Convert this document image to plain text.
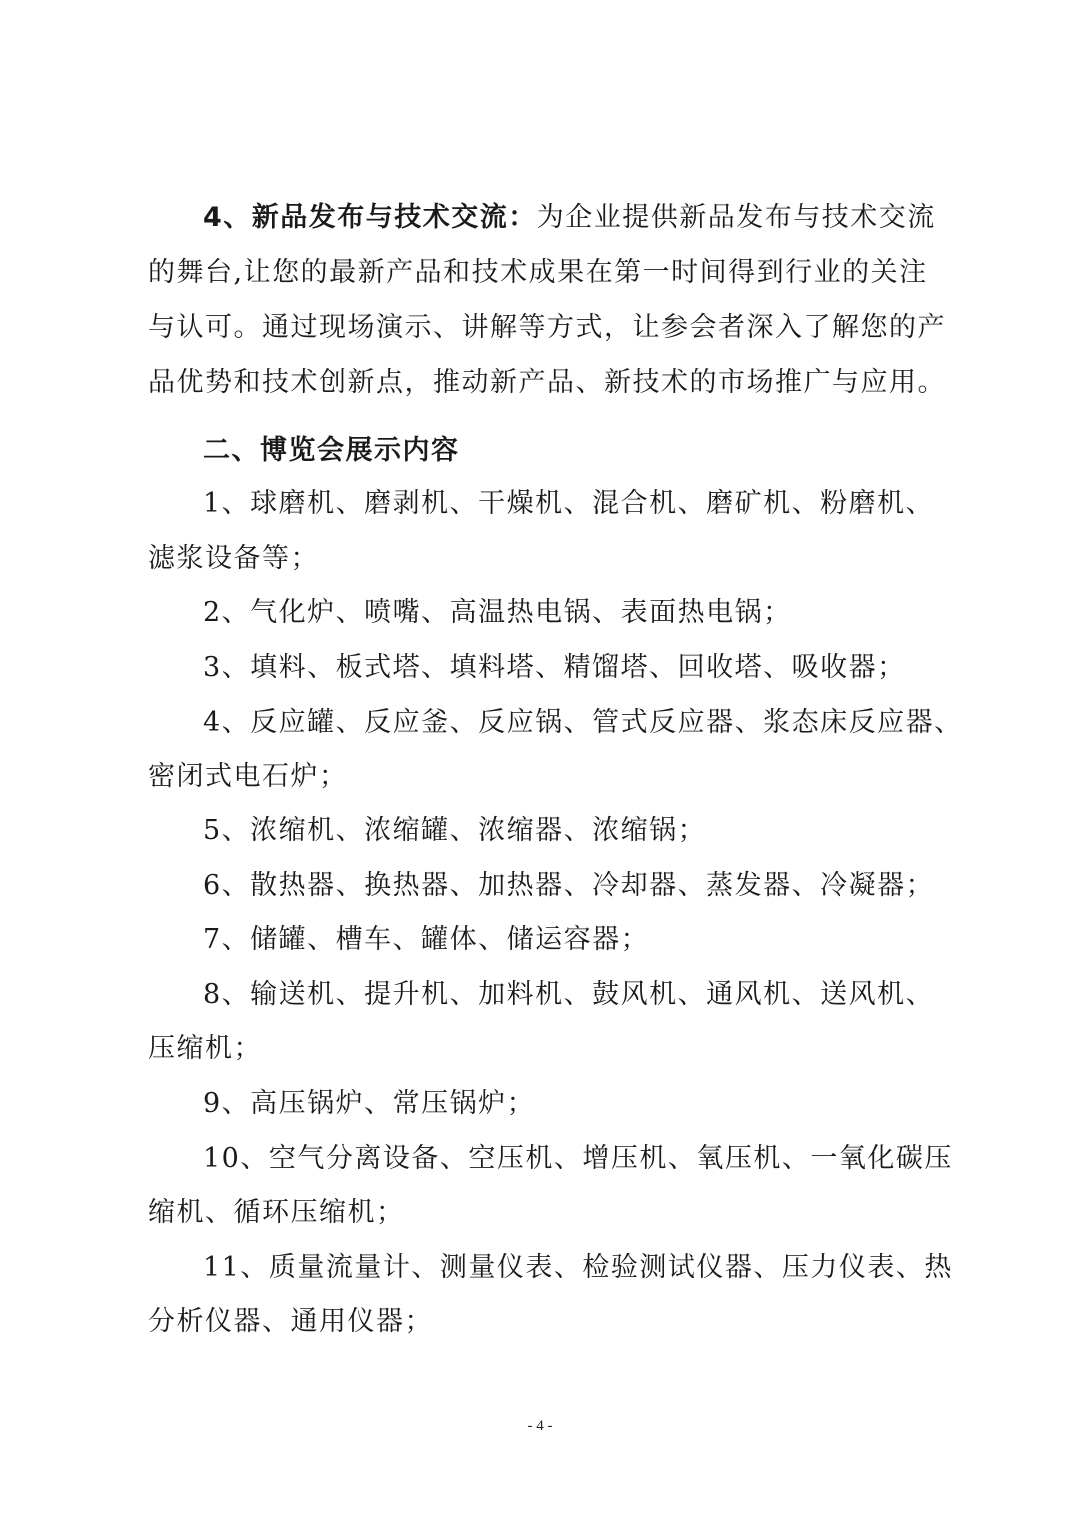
4、新品发布与技术交流：为企业提供新品发布与技术交流
的舞台,让您的最新产品和技术成果在第一时间得到行业的关注
与认可。通过现场演示、讲解等方式，让参会者深入了解您的产
品优势和技术创新点，推动新产品、新技术的市场推广与应用。
二、博览会展示内容
1、球磨机、磨剥机、干燥机、混合机、磨矿机、粉磨机、
滤浆设备等；
2、气化炉、喷嘴、高温热电锅、表面热电锅；
3、填料、板式塔、填料塔、精馏塔、回收塔、吸收器；
4、反应罐、反应釜、反应锅、管式反应器、浆态床反应器、
密闭式电石炉；
5、浓缩机、浓缩罐、浓缩器、浓缩锅；
6、散热器、换热器、加热器、冷却器、蒸发器、冷凝器；
7、储罐、槽车、罐体、储运容器；
8、输送机、提升机、加料机、鼓风机、通风机、送风机、
压缩机；
9、高压锅炉、常压锅炉；
10、空气分离设备、空压机、增压机、氧压机、一氧化碳压
缩机、循环压缩机；
11、质量流量计、测量仪表、检验测试仪器、压力仪表、热
分析仪器、通用仪器；
- 4 -
